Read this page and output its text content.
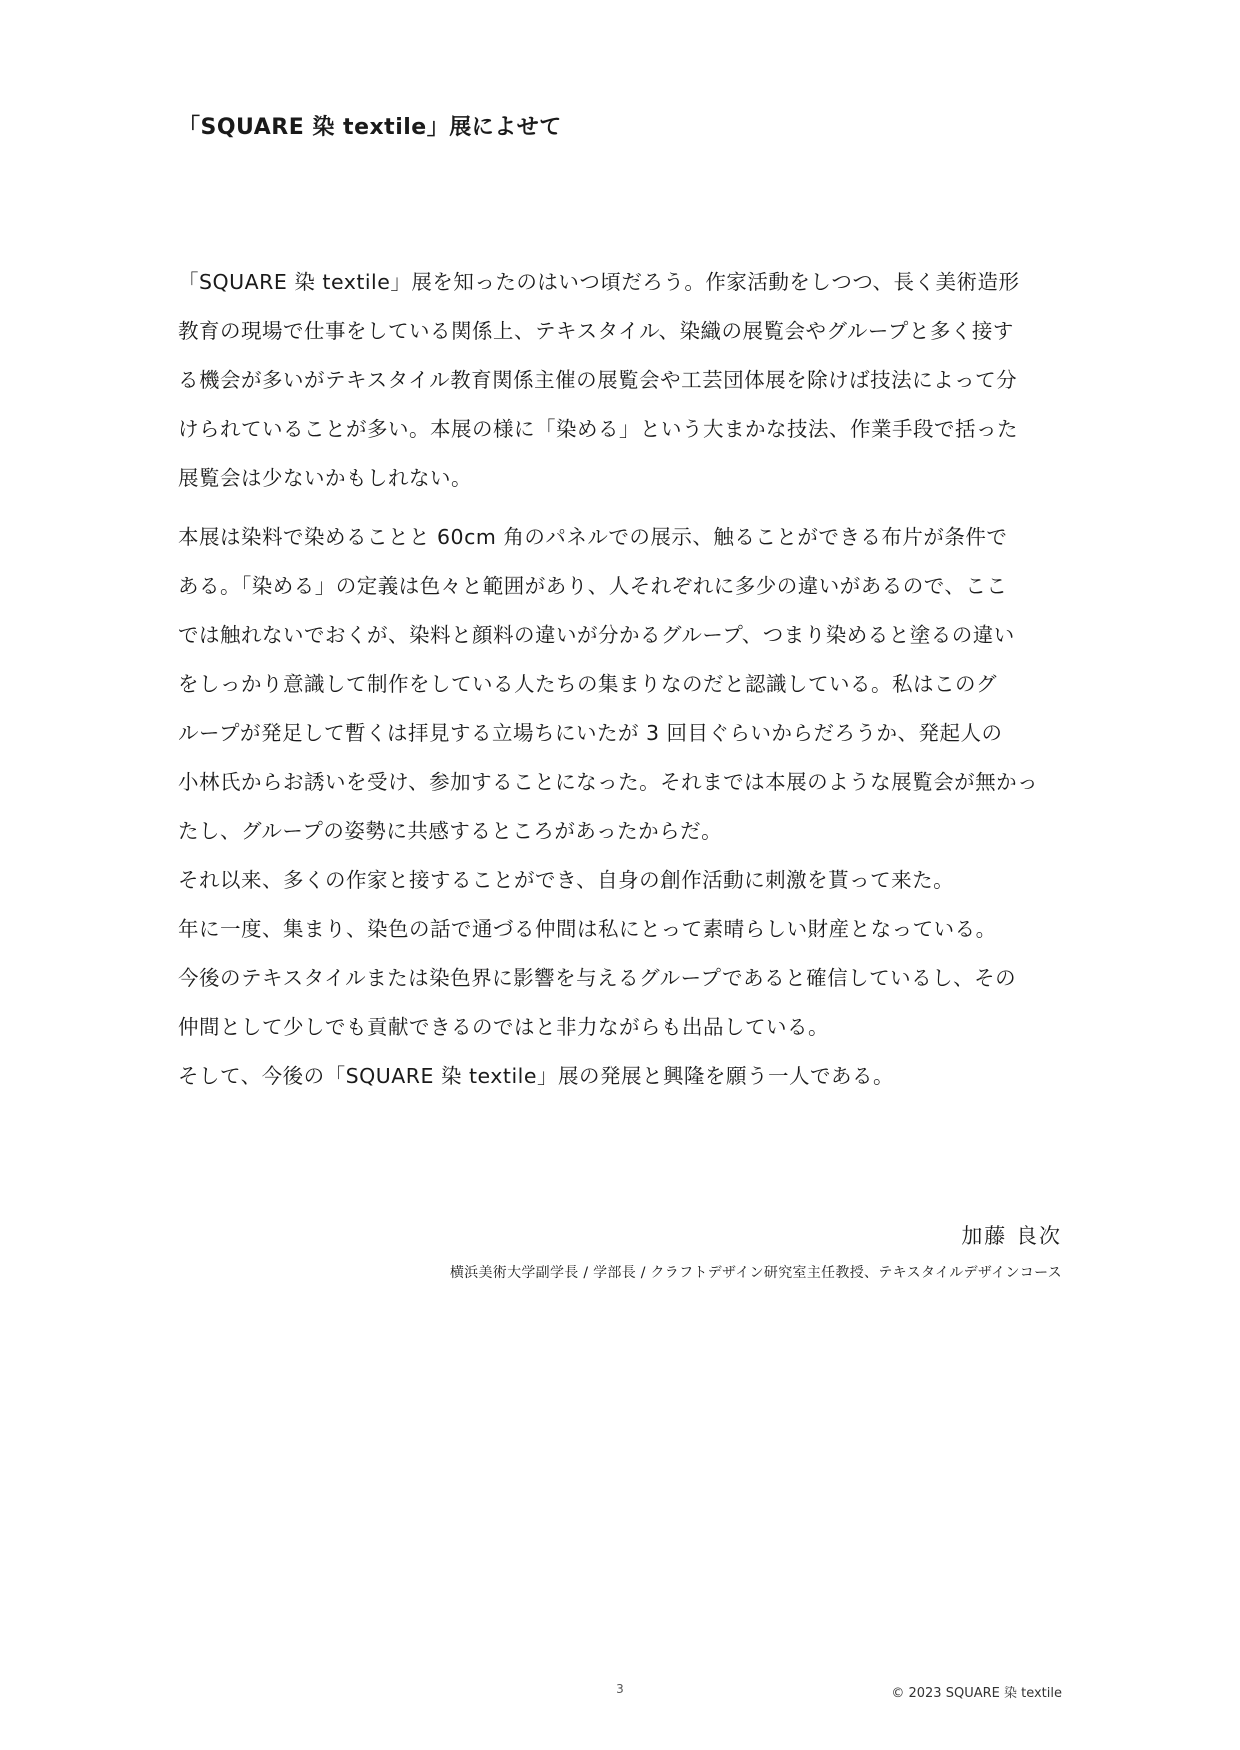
「SQUARE 染 textile」展によせて

「SQUARE 染 textile」展を知ったのはいつ頃だろう。作家活動をしつつ、長く美術造形
教育の現場で仕事をしている関係上、テキスタイル、染織の展覧会やグループと多く接す
る機会が多いがテキスタイル教育関係主催の展覧会や工芸団体展を除けば技法によって分
けられていることが多い。本展の様に「染める」という大まかな技法、作業手段で括った
展覧会は少ないかもしれない。

本展は染料で染めることと 60cm 角のパネルでの展示、触ることができる布片が条件で
ある。「染める」の定義は色々と範囲があり、人それぞれに多少の違いがあるので、ここ
では触れないでおくが、染料と顔料の違いが分かるグループ、つまり染めると塗るの違い
をしっかり意識して制作をしている人たちの集まりなのだと認識している。私はこのグ
ループが発足して暫くは拝見する立場ちにいたが 3 回目ぐらいからだろうか、発起人の
小林氏からお誘いを受け、参加することになった。それまでは本展のような展覧会が無かっ
たし、グループの姿勢に共感するところがあったからだ。
それ以来、多くの作家と接することができ、自身の創作活動に刺激を貰って来た。
年に一度、集まり、染色の話で通づる仲間は私にとって素晴らしい財産となっている。
今後のテキスタイルまたは染色界に影響を与えるグループであると確信しているし、その
仲間として少しでも貢献できるのではと非力ながらも出品している。
そして、今後の「SQUARE 染 textile」展の発展と興隆を願う一人である。

加藤 良次
横浜美術大学副学長 / 学部長 / クラフトデザイン研究室主任教授、テキスタイルデザインコース
3	© 2023 SQUARE 染 textile
